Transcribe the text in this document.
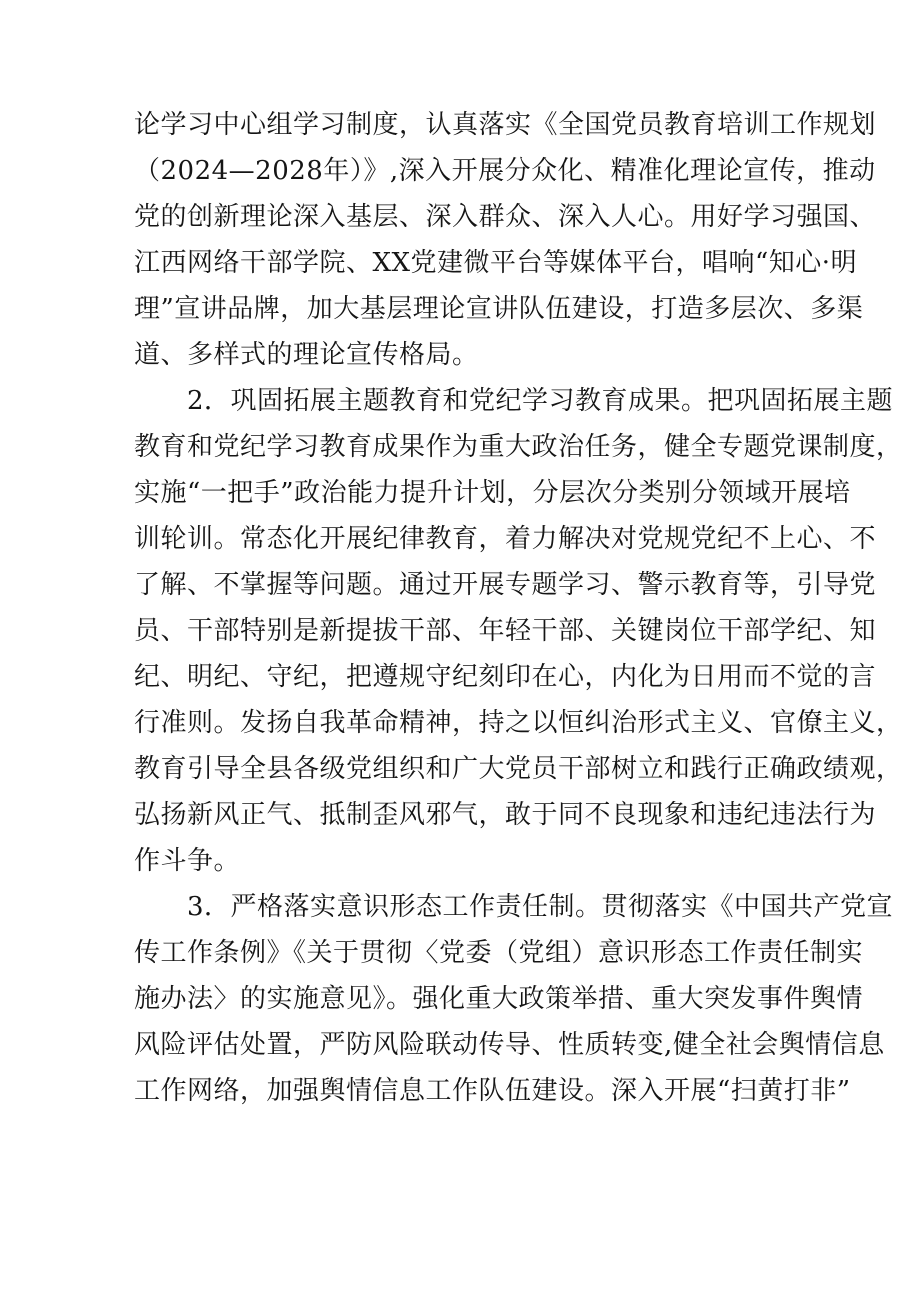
论学习中心组学习制度，认真落实《全国党员教育培训工作规划
（2024—2028年）》,深入开展分众化、精准化理论宣传，推动
党的创新理论深入基层、深入群众、深入人心。用好学习强国、
江西网络干部学院、XX党建微平台等媒体平台，唱响“知心·明
理”宣讲品牌，加大基层理论宣讲队伍建设，打造多层次、多渠
道、多样式的理论宣传格局。
　　2．巩固拓展主题教育和党纪学习教育成果。把巩固拓展主题
教育和党纪学习教育成果作为重大政治任务，健全专题党课制度，
实施“一把手”政治能力提升计划，分层次分类别分领域开展培
训轮训。常态化开展纪律教育，着力解决对党规党纪不上心、不
了解、不掌握等问题。通过开展专题学习、警示教育等，引导党
员、干部特别是新提拔干部、年轻干部、关键岗位干部学纪、知
纪、明纪、守纪，把遵规守纪刻印在心，内化为日用而不觉的言
行准则。发扬自我革命精神，持之以恒纠治形式主义、官僚主义，
教育引导全县各级党组织和广大党员干部树立和践行正确政绩观，
弘扬新风正气、抵制歪风邪气，敢于同不良现象和违纪违法行为
作斗争。
　　3．严格落实意识形态工作责任制。贯彻落实《中国共产党宣
传工作条例》《关于贯彻〈党委（党组）意识形态工作责任制实
施办法〉的实施意见》。强化重大政策举措、重大突发事件舆情
风险评估处置，严防风险联动传导、性质转变,健全社会舆情信息
工作网络，加强舆情信息工作队伍建设。深入开展“扫黄打非”
